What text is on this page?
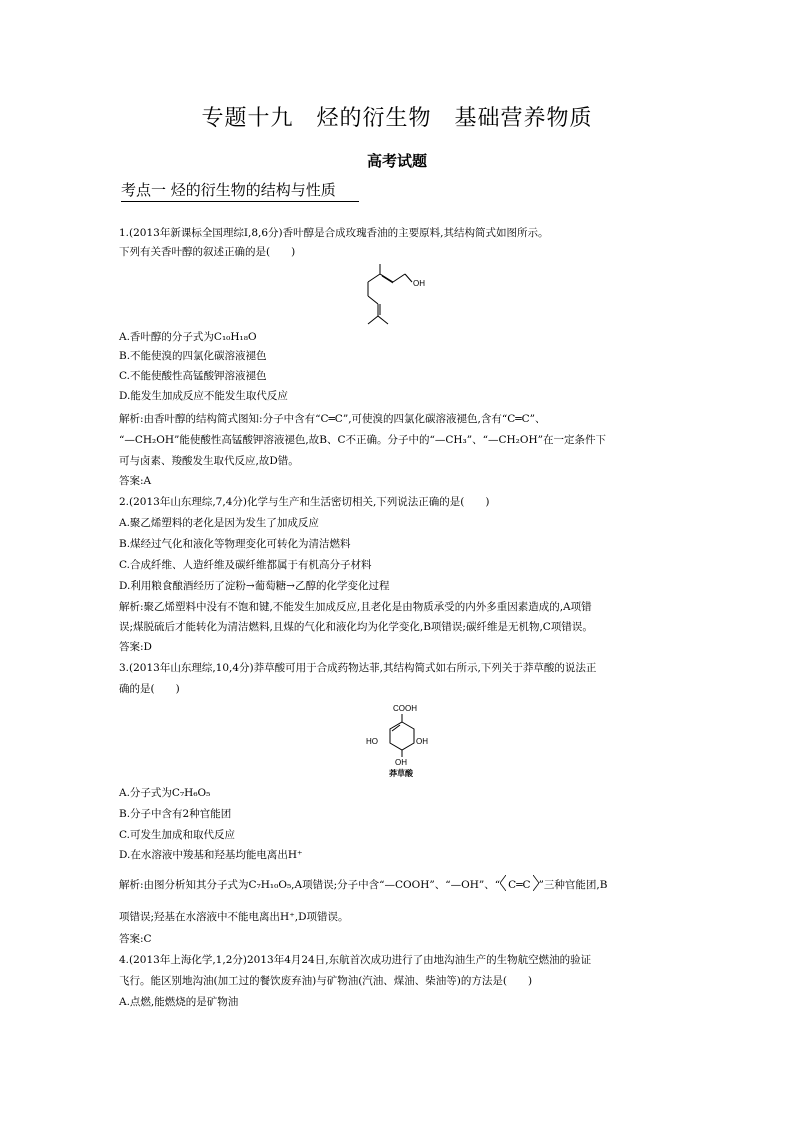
专题十九　烃的衍生物　基础营养物质
高考试题
考点一 烃的衍生物的结构与性质
1.(2013年新课标全国理综Ⅰ,8,6分)香叶醇是合成玫瑰香油的主要原料,其结构简式如图所示。
下列有关香叶醇的叙述正确的是(　　)
OH
A.香叶醇的分子式为C₁₀H₁₈O
B.不能使溴的四氯化碳溶液褪色
C.不能使酸性高锰酸钾溶液褪色
D.能发生加成反应不能发生取代反应
解析:由香叶醇的结构简式图知:分子中含有“C═C”,可使溴的四氯化碳溶液褪色,含有“C═C”、
“—CH₂OH”能使酸性高锰酸钾溶液褪色,故B、C不正确。分子中的“—CH₃”、“—CH₂OH”在一定条件下
可与卤素、羧酸发生取代反应,故D错。
答案:A
2.(2013年山东理综,7,4分)化学与生产和生活密切相关,下列说法正确的是(　　)
A.聚乙烯塑料的老化是因为发生了加成反应
B.煤经过气化和液化等物理变化可转化为清洁燃料
C.合成纤维、人造纤维及碳纤维都属于有机高分子材料
D.利用粮食酿酒经历了淀粉→葡萄糖→乙醇的化学变化过程
解析:聚乙烯塑料中没有不饱和键,不能发生加成反应,且老化是由物质承受的内外多重因素造成的,A项错
误;煤脱硫后才能转化为清洁燃料,且煤的气化和液化均为化学变化,B项错误;碳纤维是无机物,C项错误。
答案:D
3.(2013年山东理综,10,4分)莽草酸可用于合成药物达菲,其结构简式如右所示,下列关于莽草酸的说法正
确的是(　　)
COOH
HO	OH
OH
莽草酸
A.分子式为C₇H₆O₅
B.分子中含有2种官能团
C.可发生加成和取代反应
D.在水溶液中羧基和羟基均能电离出H⁺
解析:由图分析知其分子式为C₇H₁₀O₅,A项错误;分子中含“—COOH”、“—OH”、“ C═C ”三种官能团,B
项错误;羟基在水溶液中不能电离出H⁺,D项错误。
答案:C
4.(2013年上海化学,1,2分)2013年4月24日,东航首次成功进行了由地沟油生产的生物航空燃油的验证
飞行。能区别地沟油(加工过的餐饮废弃油)与矿物油(汽油、煤油、柴油等)的方法是(　　)
A.点燃,能燃烧的是矿物油
